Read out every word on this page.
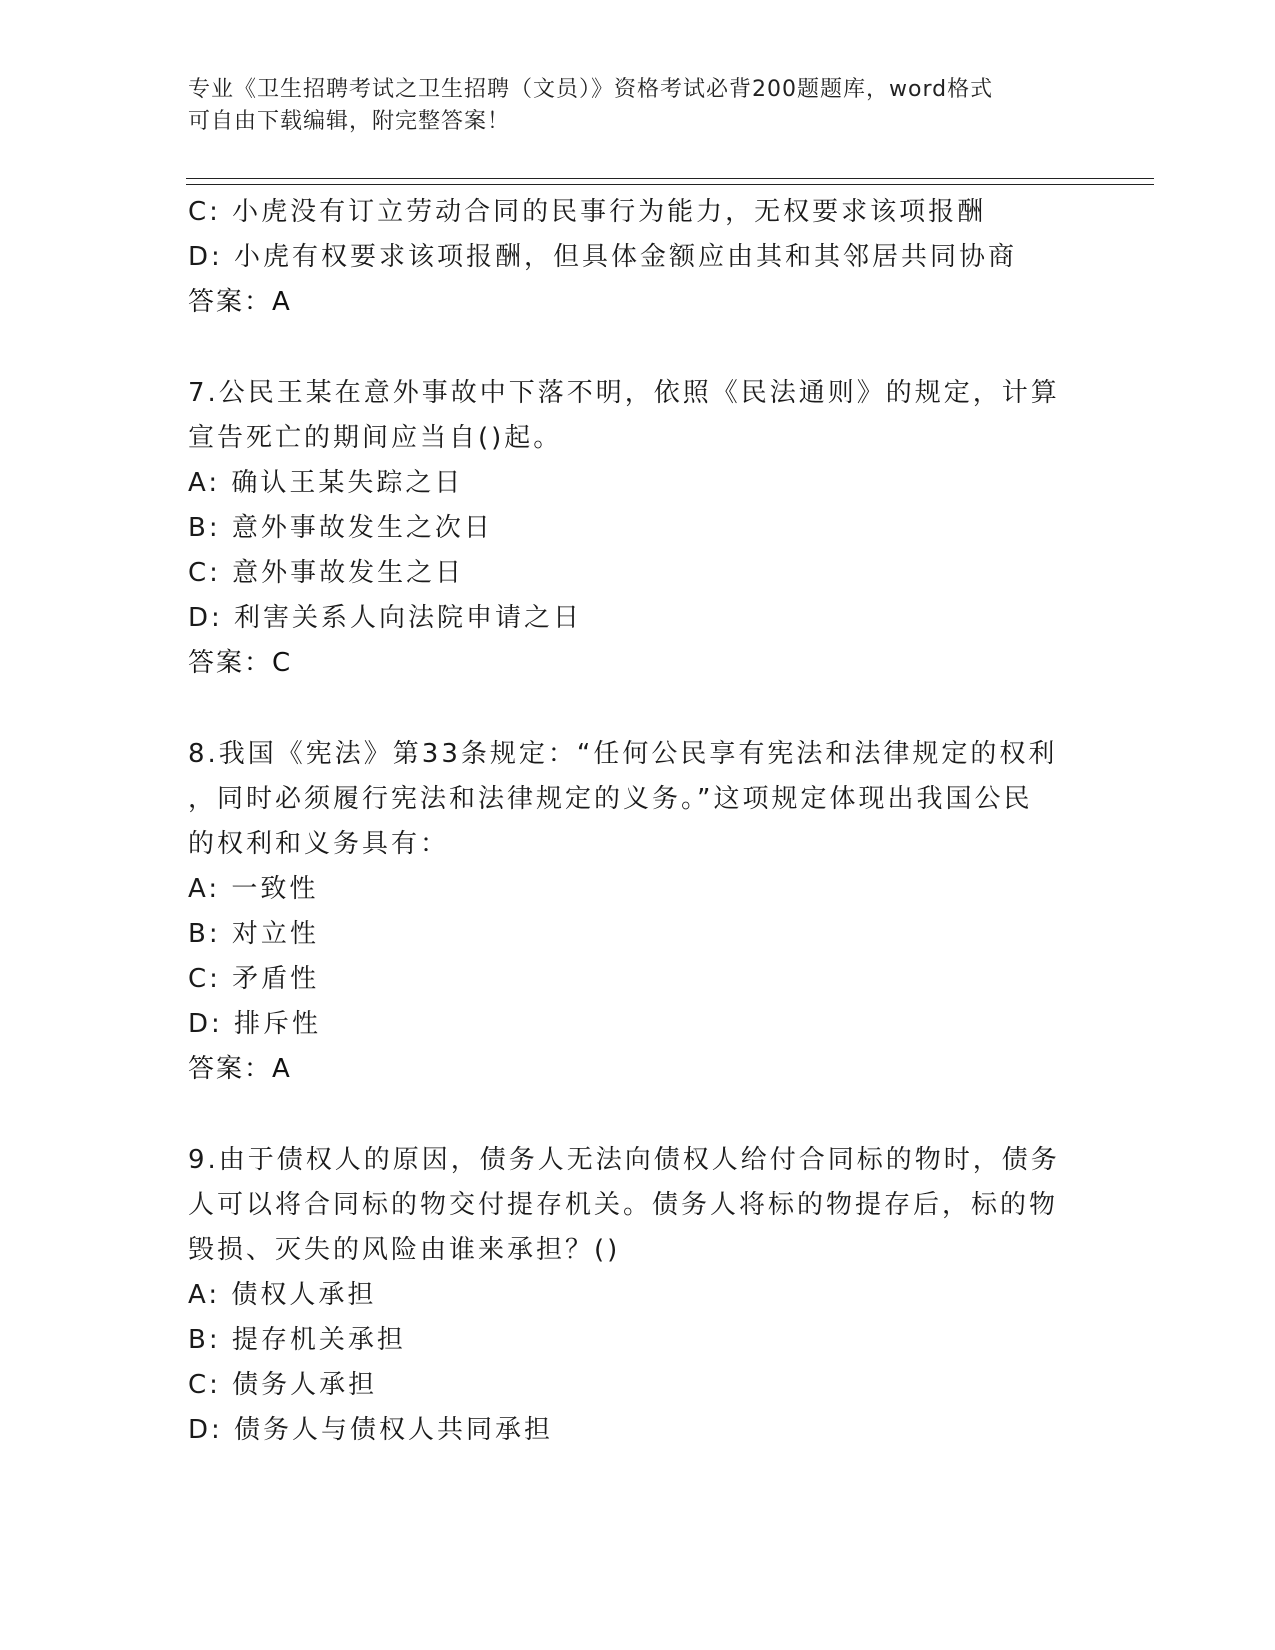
专业《卫生招聘考试之卫生招聘（文员）》资格考试必背200题题库，word格式
可自由下载编辑，附完整答案！
C: 小虎没有订立劳动合同的民事行为能力，无权要求该项报酬
D: 小虎有权要求该项报酬，但具体金额应由其和其邻居共同协商
答案：A
7.公民王某在意外事故中下落不明，依照《民法通则》的规定，计算
宣告死亡的期间应当自()起。
A: 确认王某失踪之日
B: 意外事故发生之次日
C: 意外事故发生之日
D: 利害关系人向法院申请之日
答案：C
8.我国《宪法》第33条规定：“任何公民享有宪法和法律规定的权利
，同时必须履行宪法和法律规定的义务。”这项规定体现出我国公民
的权利和义务具有：
A: 一致性
B: 对立性
C: 矛盾性
D: 排斥性
答案：A
9.由于债权人的原因，债务人无法向债权人给付合同标的物时，债务
人可以将合同标的物交付提存机关。债务人将标的物提存后，标的物
毁损、灭失的风险由谁来承担？()
A: 债权人承担
B: 提存机关承担
C: 债务人承担
D: 债务人与债权人共同承担
